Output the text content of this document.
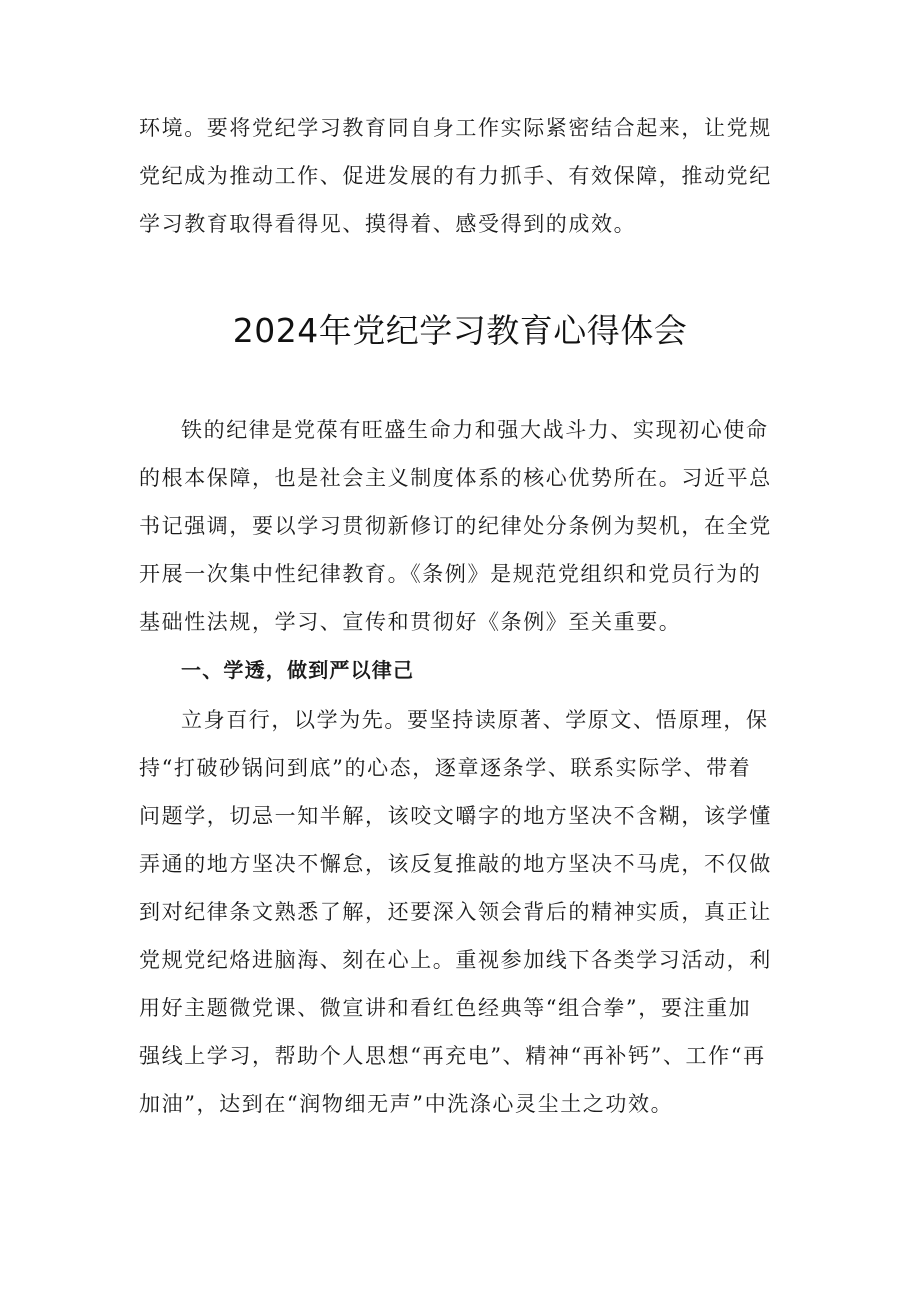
环境。要将党纪学习教育同自身工作实际紧密结合起来，让党规
党纪成为推动工作、促进发展的有力抓手、有效保障，推动党纪
学习教育取得看得见、摸得着、感受得到的成效。
2024年党纪学习教育心得体会
铁的纪律是党葆有旺盛生命力和强大战斗力、实现初心使命
的根本保障，也是社会主义制度体系的核心优势所在。习近平总
书记强调，要以学习贯彻新修订的纪律处分条例为契机，在全党
开展一次集中性纪律教育。《条例》是规范党组织和党员行为的
基础性法规，学习、宣传和贯彻好《条例》至关重要。
一、学透，做到严以律己
立身百行，以学为先。要坚持读原著、学原文、悟原理，保
持“打破砂锅问到底”的心态，逐章逐条学、联系实际学、带着
问题学，切忌一知半解，该咬文嚼字的地方坚决不含糊，该学懂
弄通的地方坚决不懈怠，该反复推敲的地方坚决不马虎，不仅做
到对纪律条文熟悉了解，还要深入领会背后的精神实质，真正让
党规党纪烙进脑海、刻在心上。重视参加线下各类学习活动，利
用好主题微党课、微宣讲和看红色经典等“组合拳”，要注重加
强线上学习，帮助个人思想“再充电”、精神“再补钙”、工作“再
加油”，达到在“润物细无声”中洗涤心灵尘土之功效。
